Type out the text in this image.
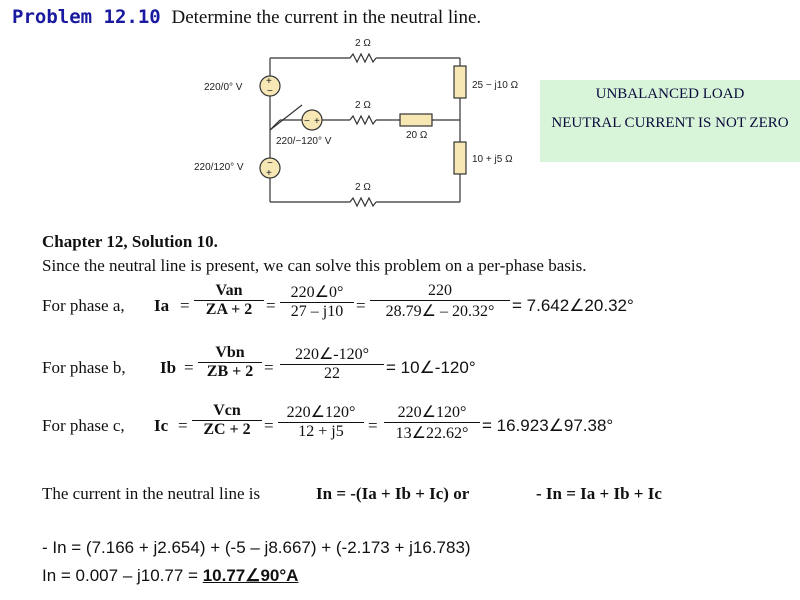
Problem 12.10 Determine the current in the neutral line.
+
−
− +
−
+
2 Ω
2 Ω
2 Ω
20 Ω
25 − j10 Ω
10 + j5 Ω
220/0° V
220/−120° V
220/120° V
UNBALANCED LOAD
NEUTRAL CURRENT IS NOT ZERO
Chapter 12, Solution 10.
Since the neutral line is present, we can solve this problem on a per-phase basis.
For phase a, Ia =
Van
ZA + $2 = \frac{220\angle 0^\circ}{27 - j10} = \frac{220}{28.79\angle - 20.32^\circ}$ = 7.642∠20.32°
For phase b, Ib =
Vbn
ZB + $2 = \frac{220\angle-120^\circ}{22}$ = 10∠-120°
For phase c, Ic =
Vcn
ZC + $2 = \frac{220\angle 120^\circ}{12 + j5} = \frac{220\angle 120^\circ}{13\angle 22.62^\circ}$ = 16.923∠97.38°
The current in the neutral line is	In = -(Ia + Ib + Ic) or	- In = Ia + Ib + Ic
- In = (7.166 + j2.654) + (-5 – j8.667) + (-2.173 + j16.783)
In = 0.007 – j10.77 = 10.77∠90°A
